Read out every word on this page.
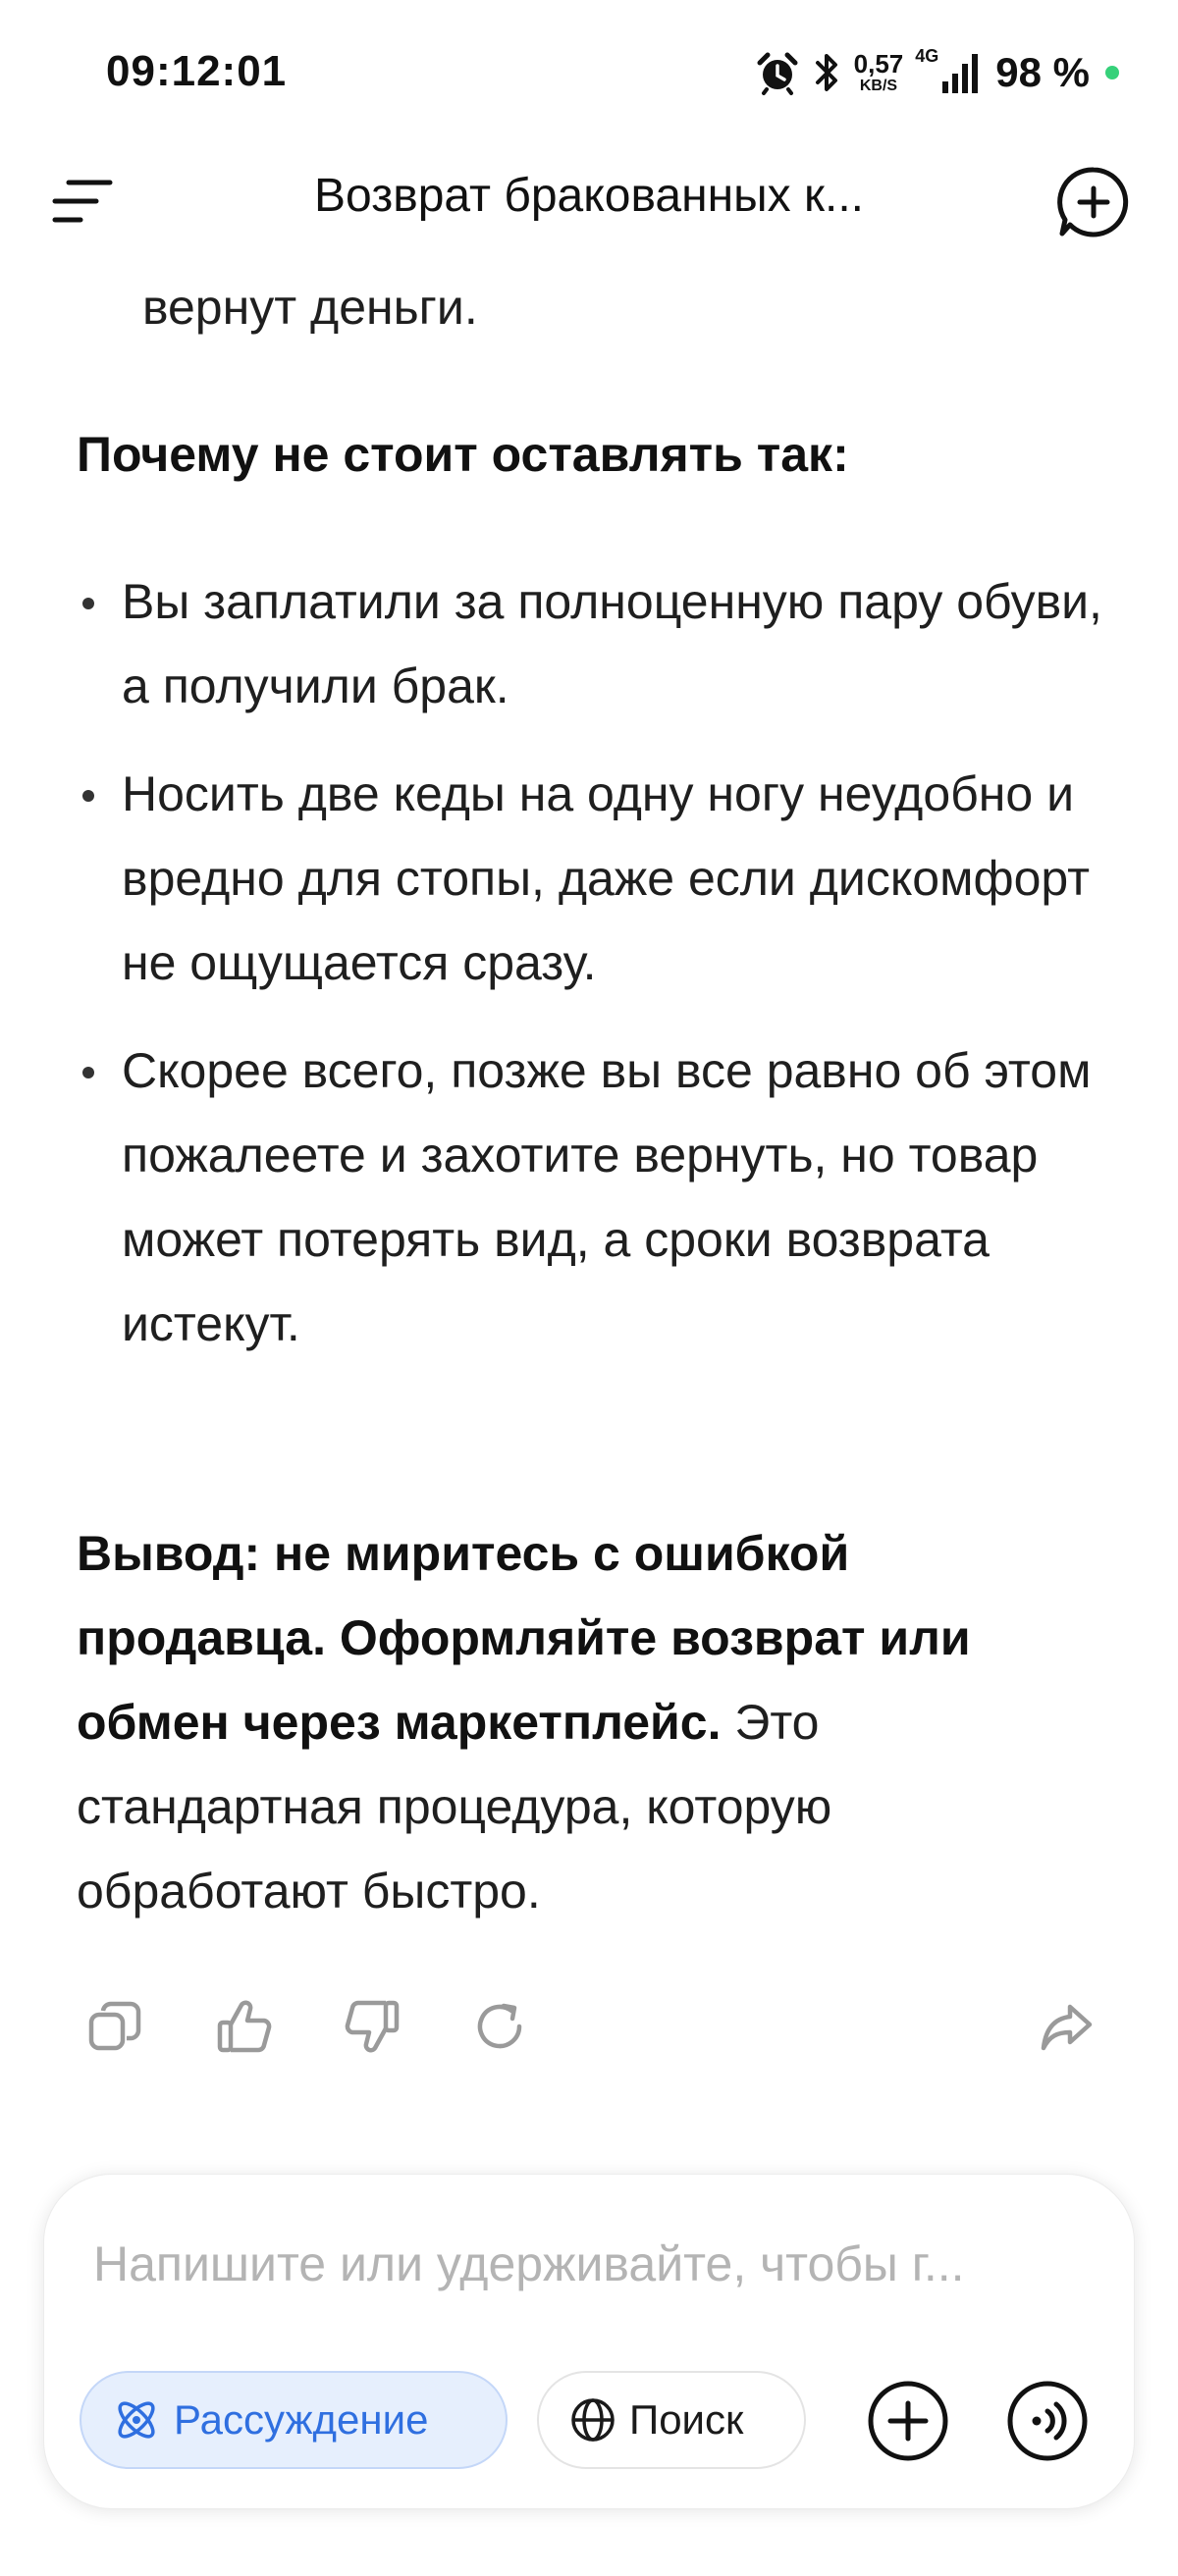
09:12:01	0,57
KB/S
4G 98 %
Возврат бракованных к...
вернут деньги.
Почему не стоит оставлять так:
Вы заплатили за полноценную пару обуви, а получили брак.
Носить две кеды на одну ногу неудобно и вредно для стопы, даже если дискомфорт не ощущается сразу.
Скорее всего, позже вы все равно об этом пожалеете и захотите вернуть, но товар может потерять вид, а сроки возврата истекут.
Вывод: не миритесь с ошибкой продавца. Оформляйте возврат или обмен через маркетплейс. Это стандартная процедура, которую обработают быстро.
Напишите или удерживайте, чтобы г...
Рассуждение	Поиск
